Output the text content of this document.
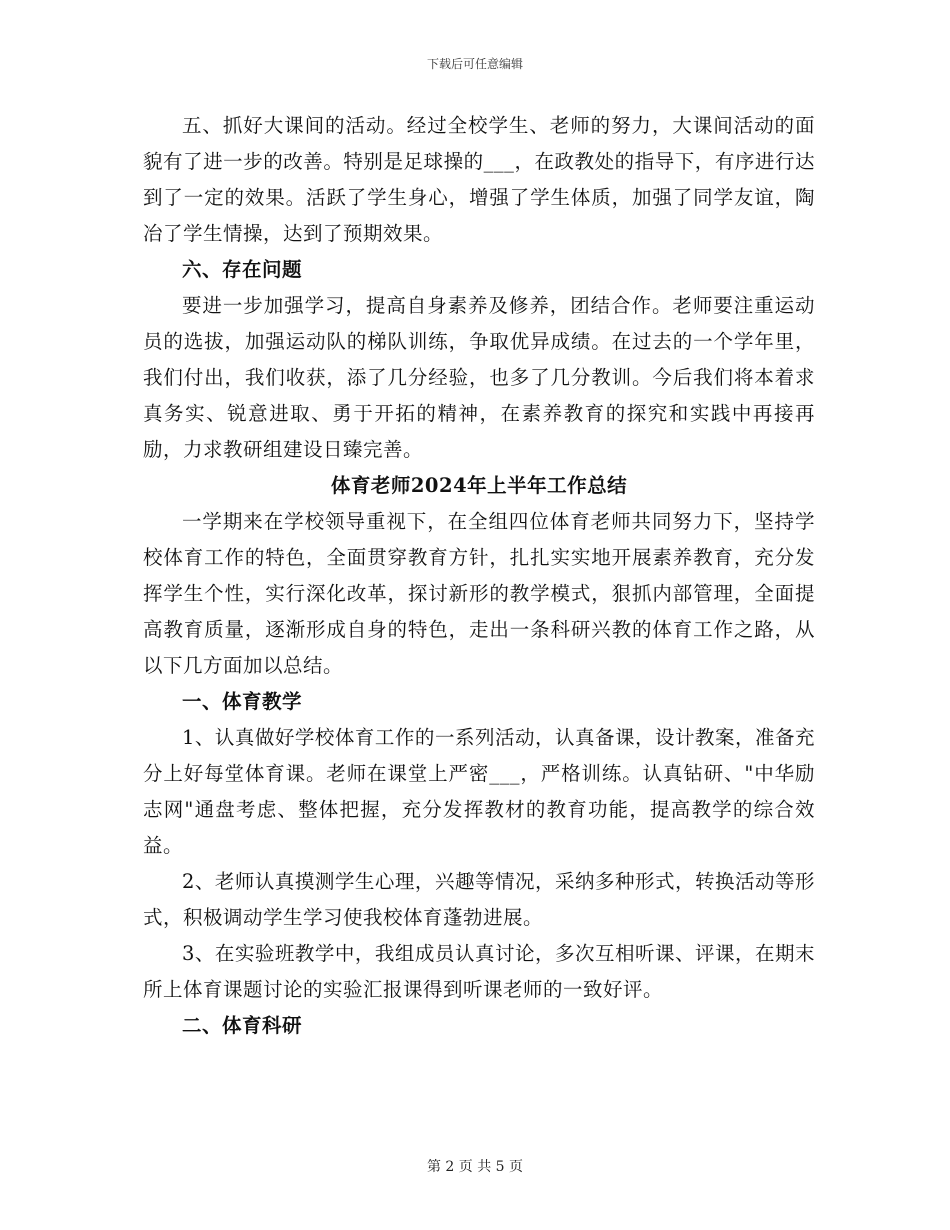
下载后可任意编辑

五、抓好大课间的活动。经过全校学生、老师的努力，大课间活动的面貌有了进一步的改善。特别是足球操的___，在政教处的指导下，有序进行达到了一定的效果。活跃了学生身心，增强了学生体质，加强了同学友谊，陶冶了学生情操，达到了预期效果。

六、存在问题

要进一步加强学习，提高自身素养及修养，团结合作。老师要注重运动员的选拔，加强运动队的梯队训练，争取优异成绩。在过去的一个学年里，我们付出，我们收获，添了几分经验，也多了几分教训。今后我们将本着求真务实、锐意进取、勇于开拓的精神，在素养教育的探究和实践中再接再励，力求教研组建设日臻完善。

体育老师2024年上半年工作总结

一学期来在学校领导重视下，在全组四位体育老师共同努力下，坚持学校体育工作的特色，全面贯穿教育方针，扎扎实实地开展素养教育，充分发挥学生个性，实行深化改革，探讨新形的教学模式，狠抓内部管理，全面提高教育质量，逐渐形成自身的特色，走出一条科研兴教的体育工作之路，从以下几方面加以总结。

一、体育教学

1、认真做好学校体育工作的一系列活动，认真备课，设计教案，准备充分上好每堂体育课。老师在课堂上严密___，严格训练。认真钻研、"中华励志网"通盘考虑、整体把握，充分发挥教材的教育功能，提高教学的综合效益。

2、老师认真摸测学生心理，兴趣等情况，采纳多种形式，转换活动等形式，积极调动学生学习使我校体育蓬勃进展。

3、在实验班教学中，我组成员认真讨论，多次互相听课、评课，在期末所上体育课题讨论的实验汇报课得到听课老师的一致好评。

二、体育科研

第 2 页 共 5 页
